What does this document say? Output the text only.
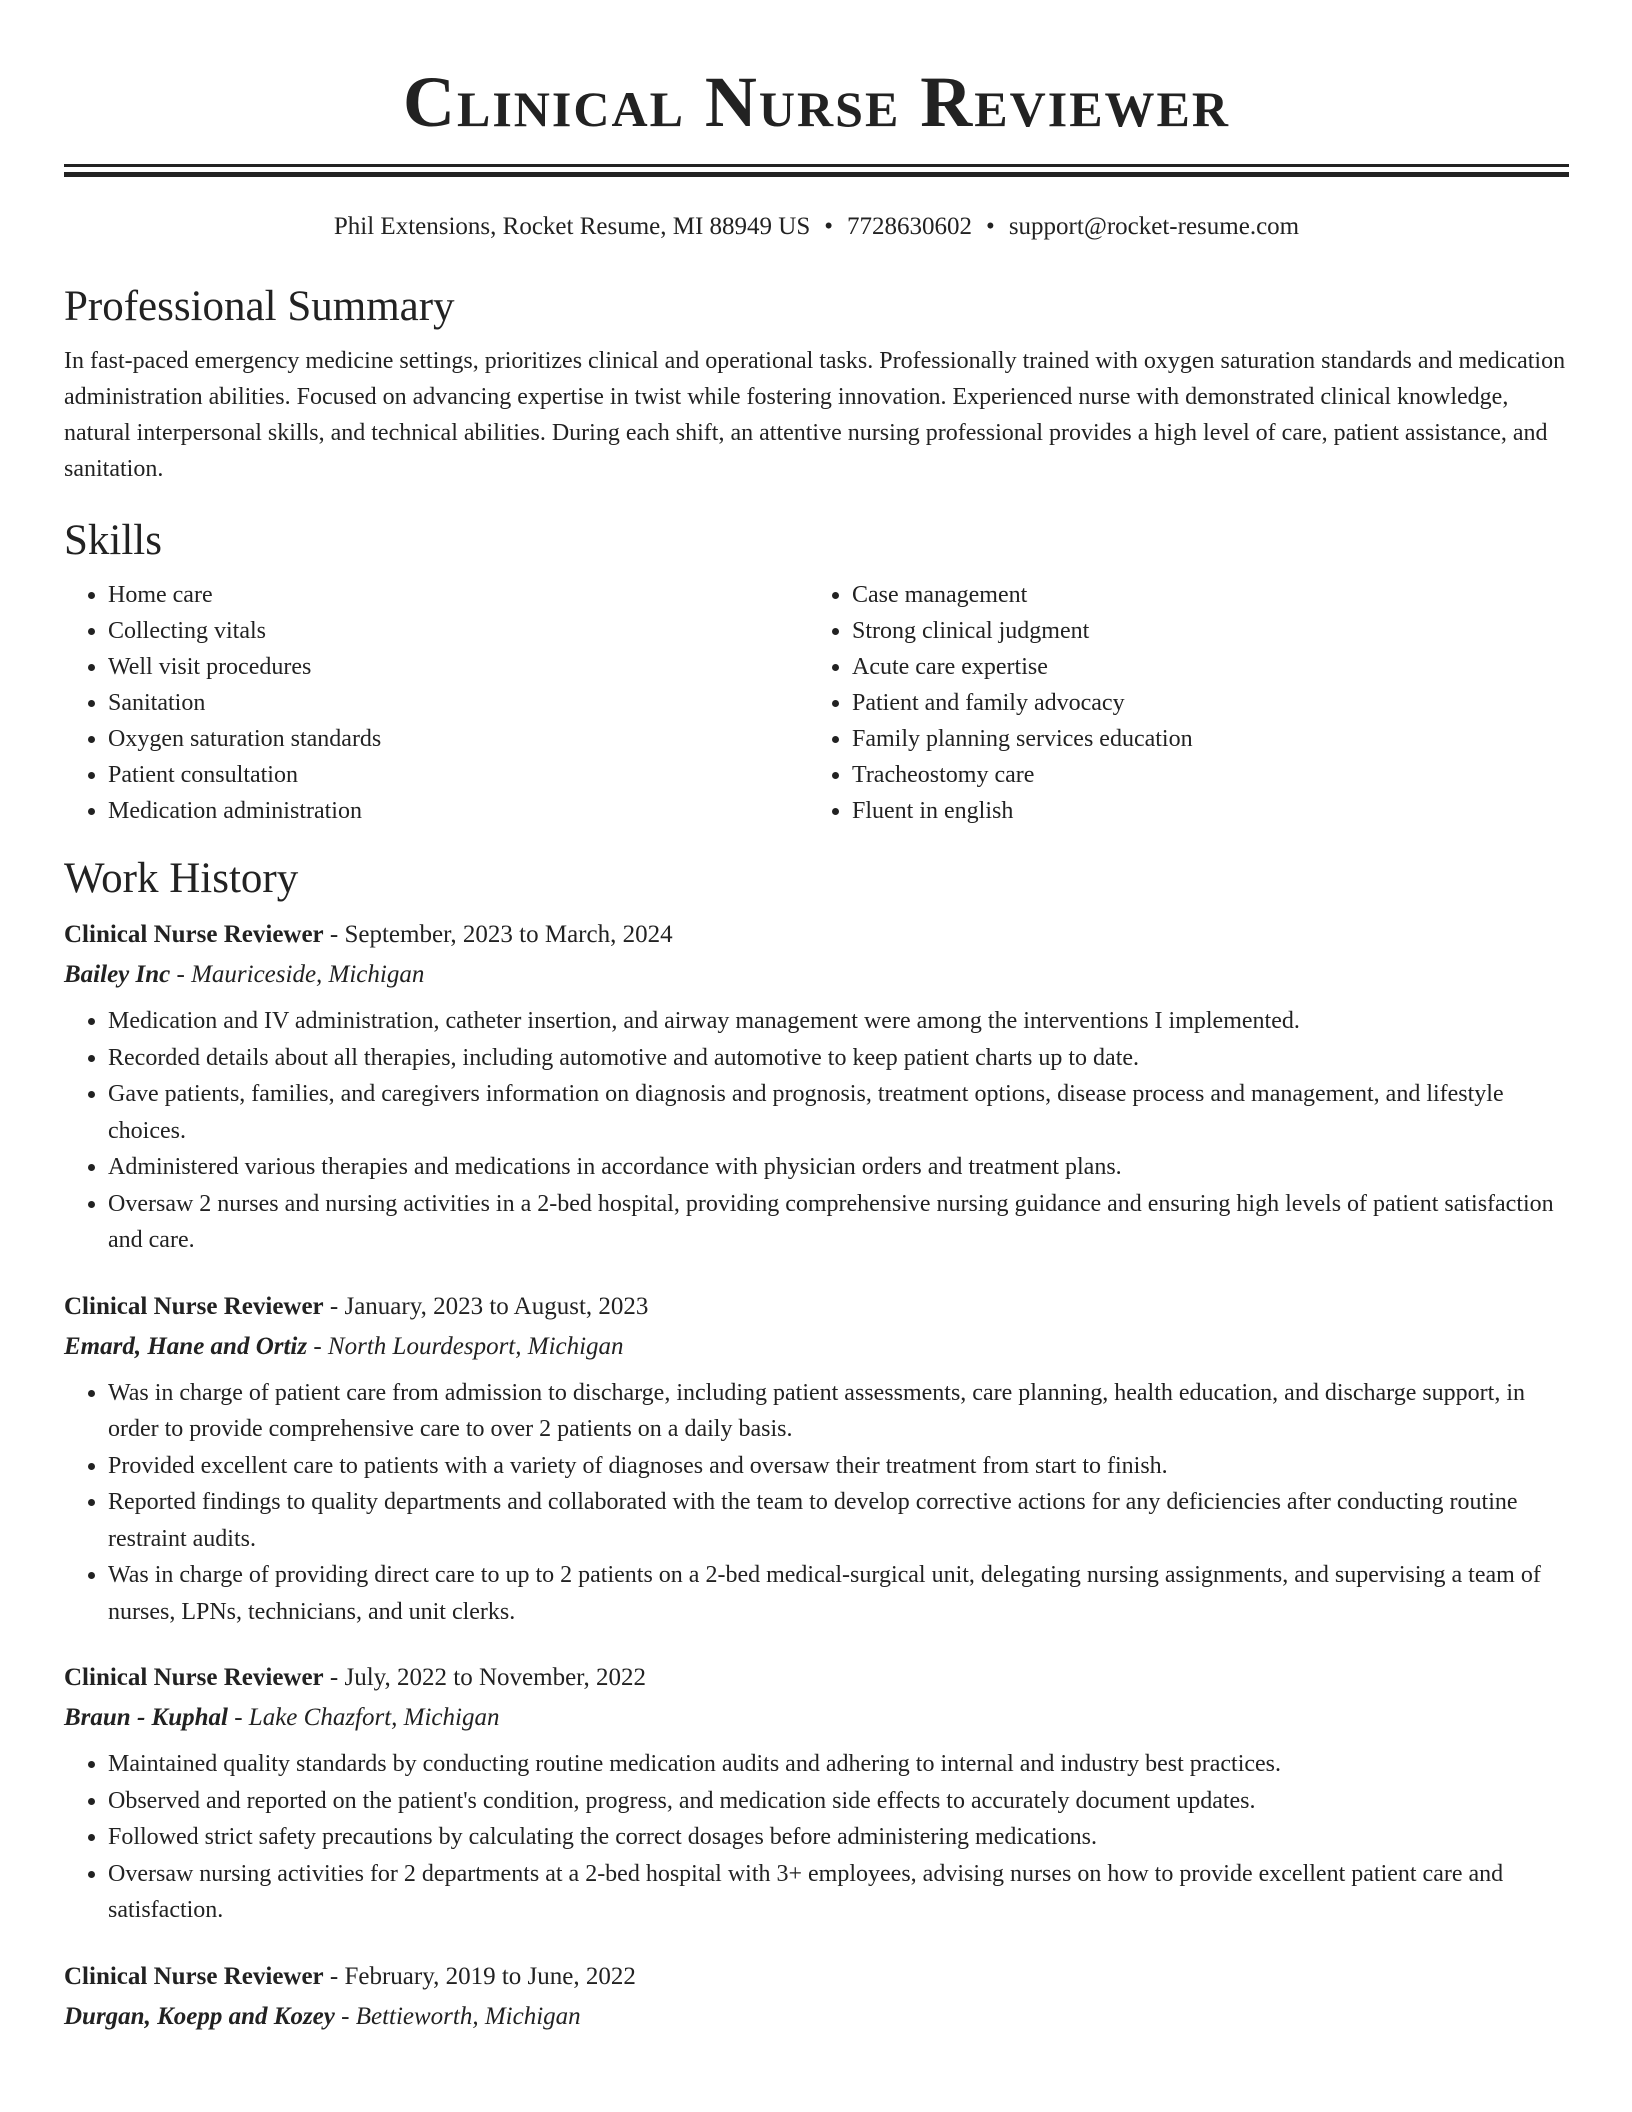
Clinical Nurse Reviewer
Phil Extensions, Rocket Resume, MI 88949 US • 7728630602 • support@rocket-resume.com
Professional Summary

In fast-paced emergency medicine settings, prioritizes clinical and operational tasks. Professionally trained with oxygen saturation standards and medication administration abilities. Focused on advancing expertise in twist while fostering innovation. Experienced nurse with demonstrated clinical knowledge, natural interpersonal skills, and technical abilities. During each shift, an attentive nursing professional provides a high level of care, patient assistance, and sanitation.

Skills
• Home care
• Collecting vitals
• Well visit procedures
• Sanitation
• Oxygen saturation standards
• Patient consultation
• Medication administration
• Case management
• Strong clinical judgment
• Acute care expertise
• Patient and family advocacy
• Family planning services education
• Tracheostomy care
• Fluent in english
Work History
Clinical Nurse Reviewer - September, 2023 to March, 2024
Bailey Inc - Mauriceside, Michigan
• Medication and IV administration, catheter insertion, and airway management were among the interventions I implemented.
• Recorded details about all therapies, including automotive and automotive to keep patient charts up to date.
• Gave patients, families, and caregivers information on diagnosis and prognosis, treatment options, disease process and management, and lifestyle choices.
• Administered various therapies and medications in accordance with physician orders and treatment plans.
• Oversaw 2 nurses and nursing activities in a 2-bed hospital, providing comprehensive nursing guidance and ensuring high levels of patient satisfaction and care.
Clinical Nurse Reviewer - January, 2023 to August, 2023
Emard, Hane and Ortiz - North Lourdesport, Michigan
• Was in charge of patient care from admission to discharge, including patient assessments, care planning, health education, and discharge support, in order to provide comprehensive care to over 2 patients on a daily basis.
• Provided excellent care to patients with a variety of diagnoses and oversaw their treatment from start to finish.
• Reported findings to quality departments and collaborated with the team to develop corrective actions for any deficiencies after conducting routine restraint audits.
• Was in charge of providing direct care to up to 2 patients on a 2-bed medical-surgical unit, delegating nursing assignments, and supervising a team of nurses, LPNs, technicians, and unit clerks.
Clinical Nurse Reviewer - July, 2022 to November, 2022
Braun - Kuphal - Lake Chazfort, Michigan
• Maintained quality standards by conducting routine medication audits and adhering to internal and industry best practices.
• Observed and reported on the patient's condition, progress, and medication side effects to accurately document updates.
• Followed strict safety precautions by calculating the correct dosages before administering medications.
• Oversaw nursing activities for 2 departments at a 2-bed hospital with 3+ employees, advising nurses on how to provide excellent patient care and satisfaction.
Clinical Nurse Reviewer - February, 2019 to June, 2022
Durgan, Koepp and Kozey - Bettieworth, Michigan
